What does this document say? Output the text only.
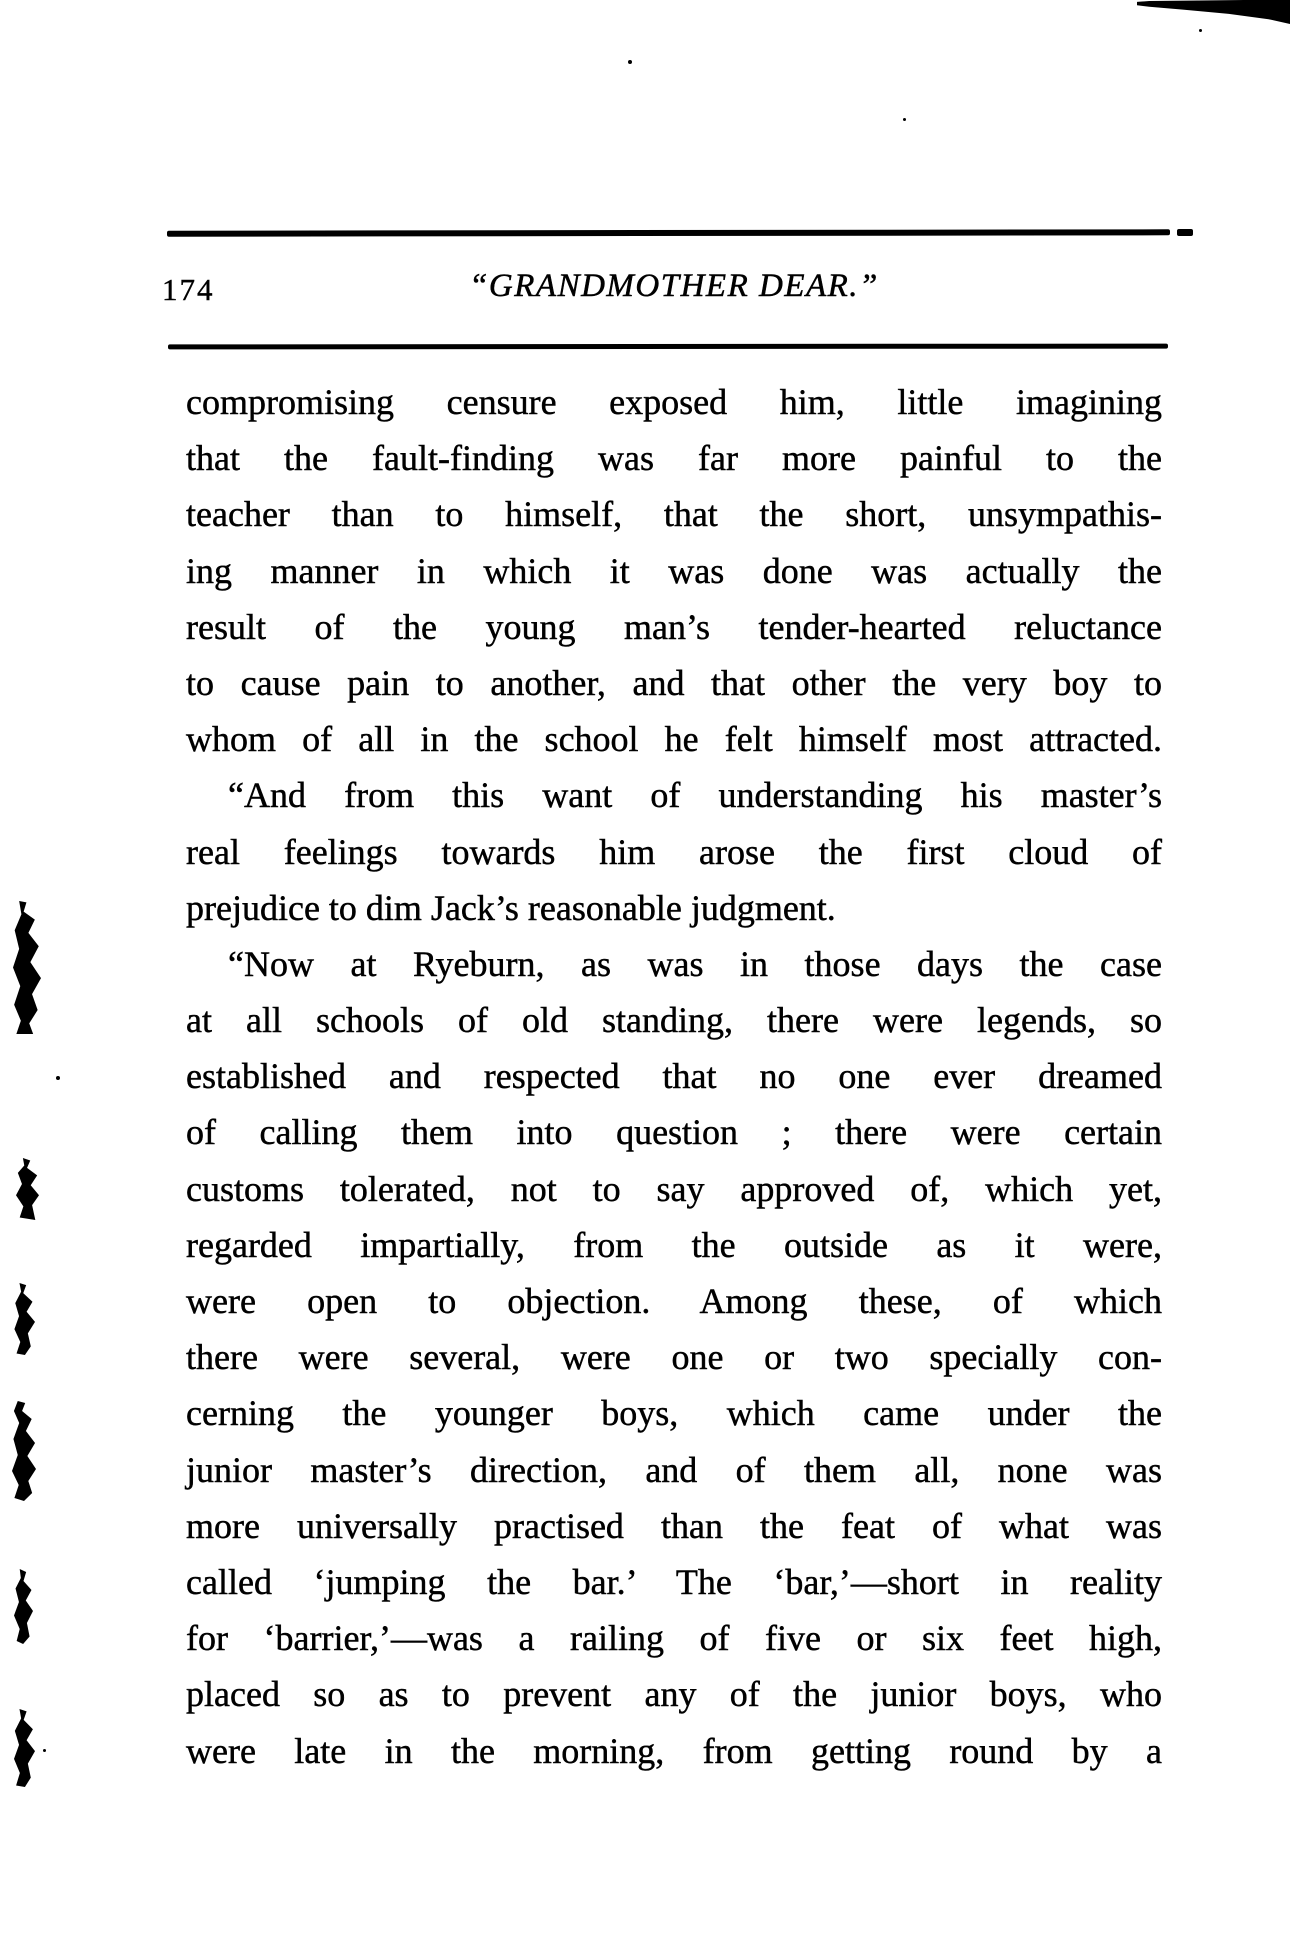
174	“GRANDMOTHER DEAR.”
compromising censure exposed him, little imagining
that the fault-finding was far more painful to the
teacher than to himself, that the short, unsympathis-
ing manner in which it was done was actually the
result of the young man’s tender-hearted reluctance
to cause pain to another, and that other the very boy to
whom of all in the school he felt himself most attracted.
“And from this want of understanding his master’s
real feelings towards him arose the first cloud of
prejudice to dim Jack’s reasonable judgment.
“Now at Ryeburn, as was in those days the case
at all schools of old standing, there were legends, so
established and respected that no one ever dreamed
of calling them into question ; there were certain
customs tolerated, not to say approved of, which yet,
regarded impartially, from the outside as it were,
were open to objection. Among these, of which
there were several, were one or two specially con-
cerning the younger boys, which came under the
junior master’s direction, and of them all, none was
more universally practised than the feat of what was
called ‘jumping the bar.’ The ‘bar,’—short in reality
for ‘barrier,’—was a railing of five or six feet high,
placed so as to prevent any of the junior boys, who
were late in the morning, from getting round by a
